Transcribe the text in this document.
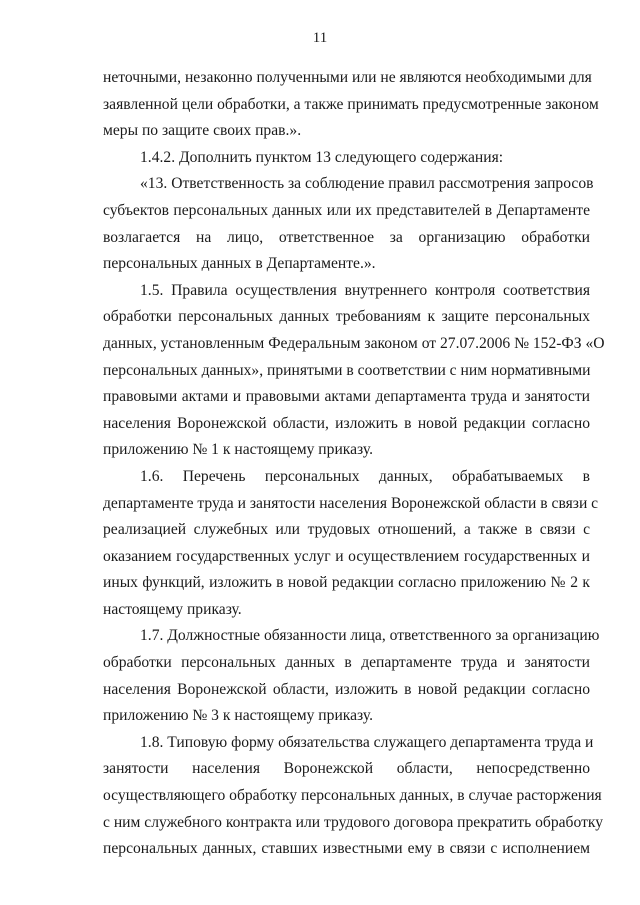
11

неточными, незаконно полученными или не являются необходимыми для
заявленной цели обработки, а также принимать предусмотренные законом
меры по защите своих прав.».

1.4.2. Дополнить пунктом 13 следующего содержания:

«13. Ответственность за соблюдение правил рассмотрения запросов
субъектов персональных данных или их представителей в Департаменте
возлагается на лицо, ответственное за организацию обработки
персональных данных в Департаменте.».

1.5. Правила осуществления внутреннего контроля соответствия
обработки персональных данных требованиям к защите персональных
данных, установленным Федеральным законом от 27.07.2006 № 152-ФЗ «О
персональных данных», принятыми в соответствии с ним нормативными
правовыми актами и правовыми актами департамента труда и занятости
населения Воронежской области, изложить в новой редакции согласно
приложению № 1 к настоящему приказу.

1.6. Перечень персональных данных, обрабатываемых в
департаменте труда и занятости населения Воронежской области в связи с
реализацией служебных или трудовых отношений, а также в связи с
оказанием государственных услуг и осуществлением государственных и
иных функций, изложить в новой редакции согласно приложению № 2 к
настоящему приказу.

1.7. Должностные обязанности лица, ответственного за организацию
обработки персональных данных в департаменте труда и занятости
населения Воронежской области, изложить в новой редакции согласно
приложению № 3 к настоящему приказу.

1.8. Типовую форму обязательства служащего департамента труда и
занятости населения Воронежской области, непосредственно
осуществляющего обработку персональных данных, в случае расторжения
с ним служебного контракта или трудового договора прекратить обработку
персональных данных, ставших известными ему в связи с исполнением
